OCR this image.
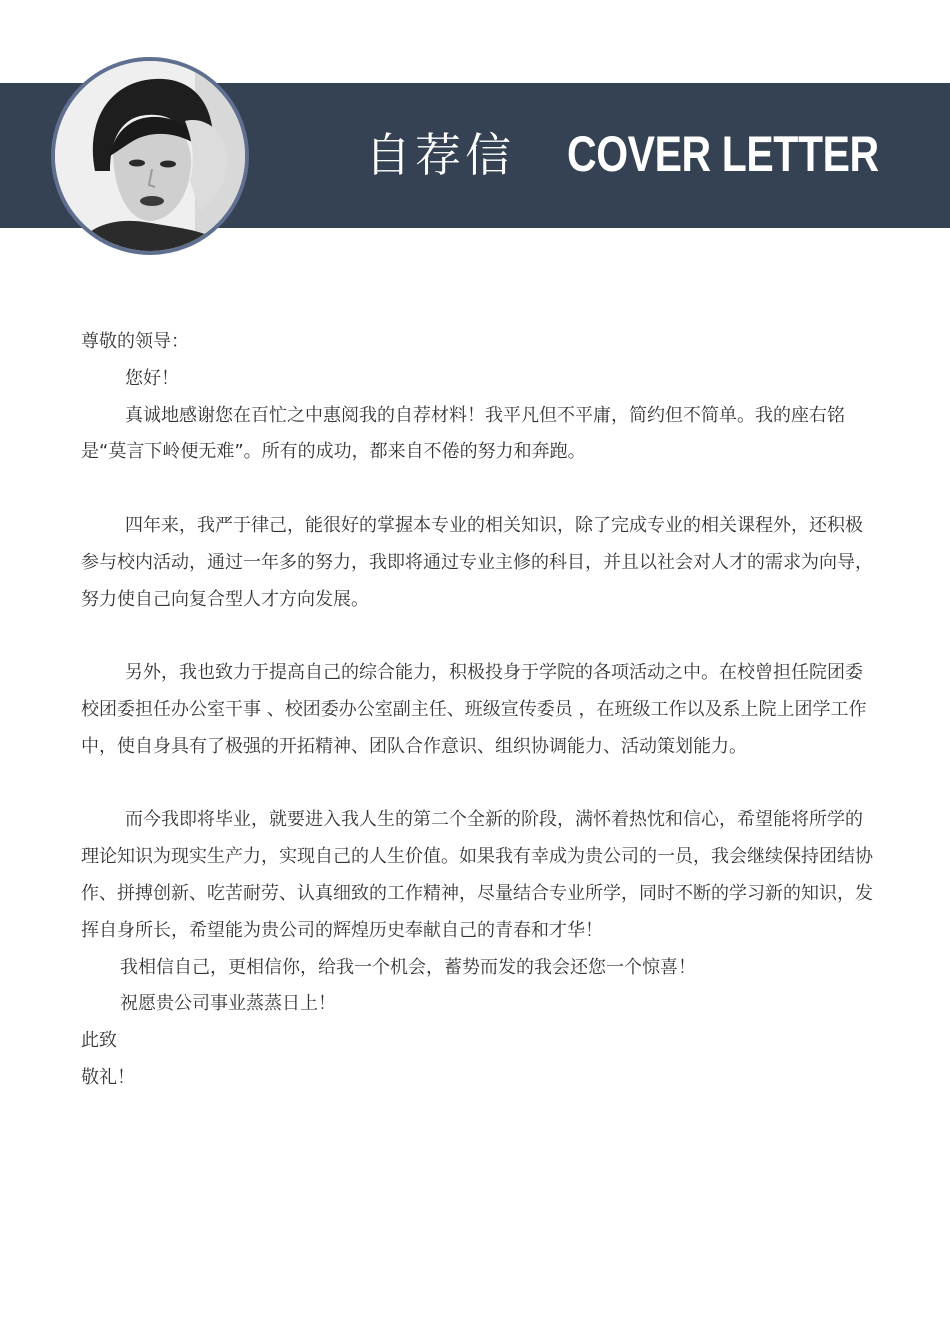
自荐信 COVER LETTER

尊敬的领导：

您好！

真诚地感谢您在百忙之中惠阅我的自荐材料！我平凡但不平庸，简约但不简单。我的座右铭是“莫言下岭便无难”。所有的成功，都来自不倦的努力和奔跑。

四年来，我严于律己，能很好的掌握本专业的相关知识，除了完成专业的相关课程外，还积极参与校内活动，通过一年多的努力，我即将通过专业主修的科目，并且以社会对人才的需求为向导，努力使自己向复合型人才方向发展。

另外，我也致力于提高自己的综合能力，积极投身于学院的各项活动之中。在校曾担任院团委校团委担任办公室干事 、校团委办公室副主任、班级宣传委员 ，在班级工作以及系上院上团学工作中，使自身具有了极强的开拓精神、团队合作意识、组织协调能力、活动策划能力。

而今我即将毕业，就要进入我人生的第二个全新的阶段，满怀着热忱和信心，希望能将所学的理论知识为现实生产力，实现自己的人生价值。如果我有幸成为贵公司的一员，我会继续保持团结协作、拼搏创新、吃苦耐劳、认真细致的工作精神，尽量结合专业所学，同时不断的学习新的知识，发挥自身所长，希望能为贵公司的辉煌历史奉献自己的青春和才华！

我相信自己，更相信你，给我一个机会，蓄势而发的我会还您一个惊喜！

祝愿贵公司事业蒸蒸日上！

此致

敬礼！
